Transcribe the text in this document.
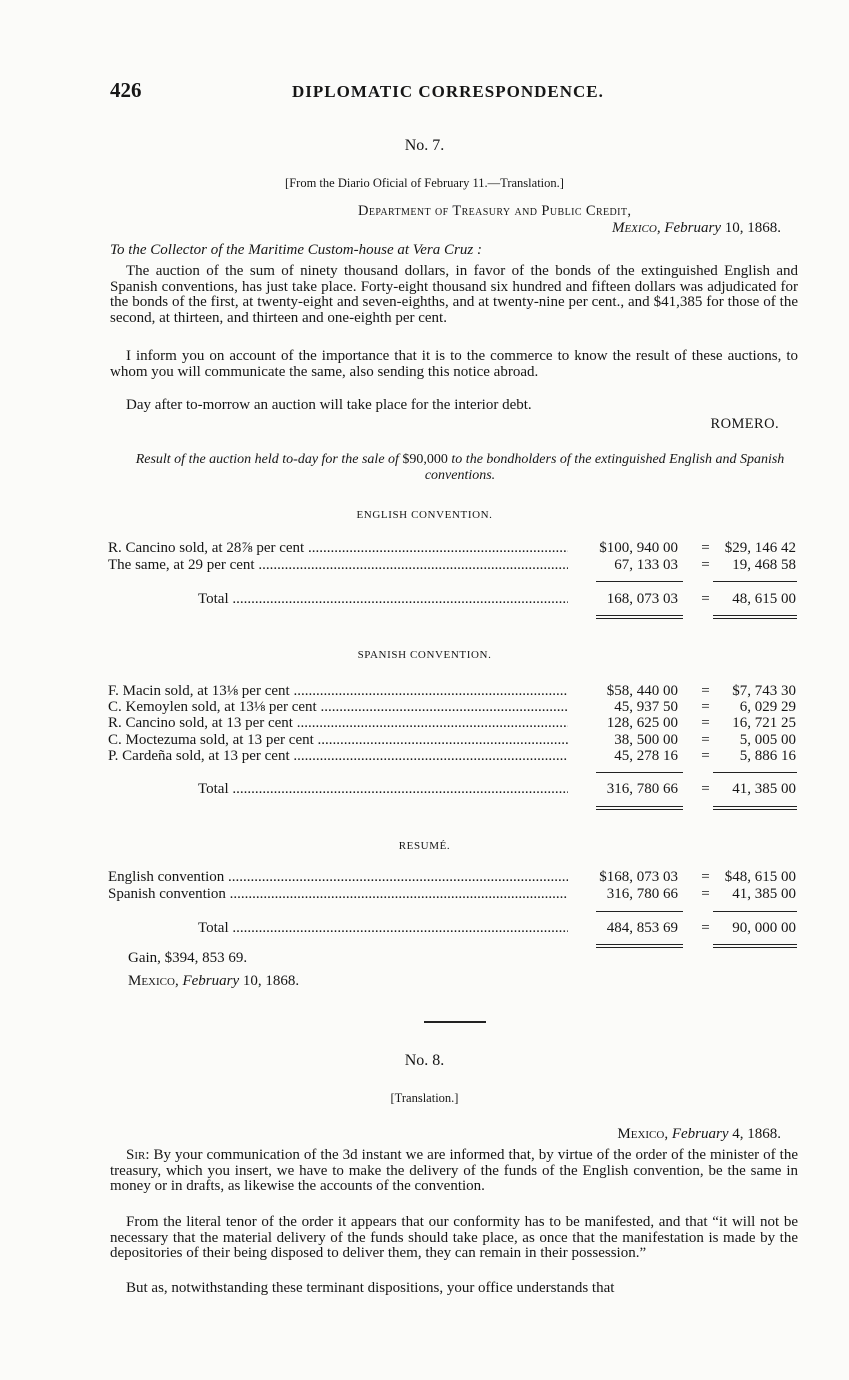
426	DIPLOMATIC CORRESPONDENCE.
No. 7.
[From the Diario Oficial of February 11.—Translation.]
Department of Treasury and Public Credit,
Mexico, February 10, 1868.
To the Collector of the Maritime Custom-house at Vera Cruz :
The auction of the sum of ninety thousand dollars, in favor of the bonds of the extinguished English and Spanish conventions, has just take place. Forty-eight thousand six hundred and fifteen dollars was adjudicated for the bonds of the first, at twenty-eight and seven-eighths, and at twenty-nine per cent., and $41,385 for those of the second, at thirteen, and thirteen and one-eighth per cent.
I inform you on account of the importance that it is to the commerce to know the result of these auctions, to whom you will communicate the same, also sending this notice abroad.
Day after to-morrow an auction will take place for the interior debt.
ROMERO.
Result of the auction held to-day for the sale of $90,000 to the bondholders of the extinguished English and Spanish conventions.
ENGLISH CONVENTION.
R. Cancino sold, at 28⅞ per cent .....	$100, 940 00	=	$29, 146 42
The same, at 29 per cent .....	67, 133 03	=	19, 468 58
Total .....	168, 073 03	=	48, 615 00
SPANISH CONVENTION.
F. Macin sold, at 13⅛ per cent .....	$58, 440 00	=	$7, 743 30
C. Kemoylen sold, at 13⅛ per cent .....	45, 937 50	=	6, 029 29
R. Cancino sold, at 13 per cent .....	128, 625 00	=	16, 721 25
C. Moctezuma sold, at 13 per cent .....	38, 500 00	=	5, 005 00
P. Cardeña sold, at 13 per cent .....	45, 278 16	=	5, 886 16
Total .....	316, 780 66	=	41, 385 00
RESUMÉ.
English convention .....	$168, 073 03	=	$48, 615 00
Spanish convention .....	316, 780 66	=	41, 385 00
Total .....	484, 853 69	=	90, 000 00
Gain, $394, 853 69.
Mexico, February 10, 1868.
No. 8.
[Translation.]
Mexico, February 4, 1868.
Sir: By your communication of the 3d instant we are informed that, by virtue of the order of the minister of the treasury, which you insert, we have to make the delivery of the funds of the English convention, be the same in money or in drafts, as likewise the accounts of the convention.
From the literal tenor of the order it appears that our conformity has to be manifested, and that “it will not be necessary that the material delivery of the funds should take place, as once that the manifestation is made by the depositories of their being disposed to deliver them, they can remain in their possession.”
But as, notwithstanding these terminant dispositions, your office understands that
